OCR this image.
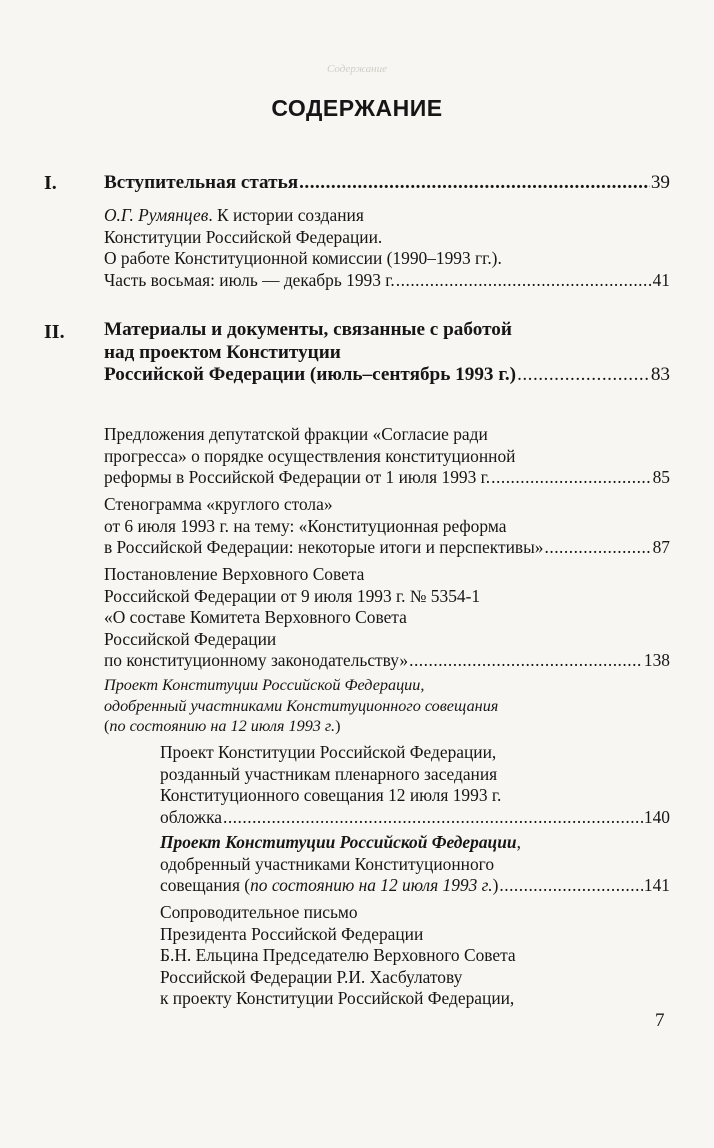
Содержание
СОДЕРЖАНИЕ
I. Вступительная статья .....	39
О.Г. Румянцев. К истории создания
Конституции Российской Федерации.
О работе Конституционной комиссии (1990–1993 гг.).
Часть восьмая: июль — декабрь 1993 г. .....	41
II. Материалы и документы, связанные с работой
над проектом Конституции
Российской Федерации (июль–сентябрь 1993 г.) .....	83
Предложения депутатской фракции «Согласие ради
прогресса» о порядке осуществления конституционной
реформы в Российской Федерации от 1 июля 1993 г. .....	85
Стенограмма «круглого стола»
от 6 июля 1993 г. на тему: «Конституционная реформа
в Российской Федерации: некоторые итоги и перспективы» .....	87
Постановление Верховного Совета
Российской Федерации от 9 июля 1993 г. № 5354-1
«О составе Комитета Верховного Совета
Российской Федерации
по конституционному законодательству» .....	138
Проект Конституции Российской Федерации,
одобренный участниками Конституционного совещания
(по состоянию на 12 июля 1993 г.)
Проект Конституции Российской Федерации,
розданный участникам пленарного заседания
Конституционного совещания 12 июля 1993 г.
обложка .....	140
Проект Конституции Российской Федерации,
одобренный участниками Конституционного
совещания (по состоянию на 12 июля 1993 г.) .....	141
Сопроводительное письмо
Президента Российской Федерации
Б.Н. Ельцина Председателю Верховного Совета
Российской Федерации Р.И. Хасбулатову
к проекту Конституции Российской Федерации,
7
